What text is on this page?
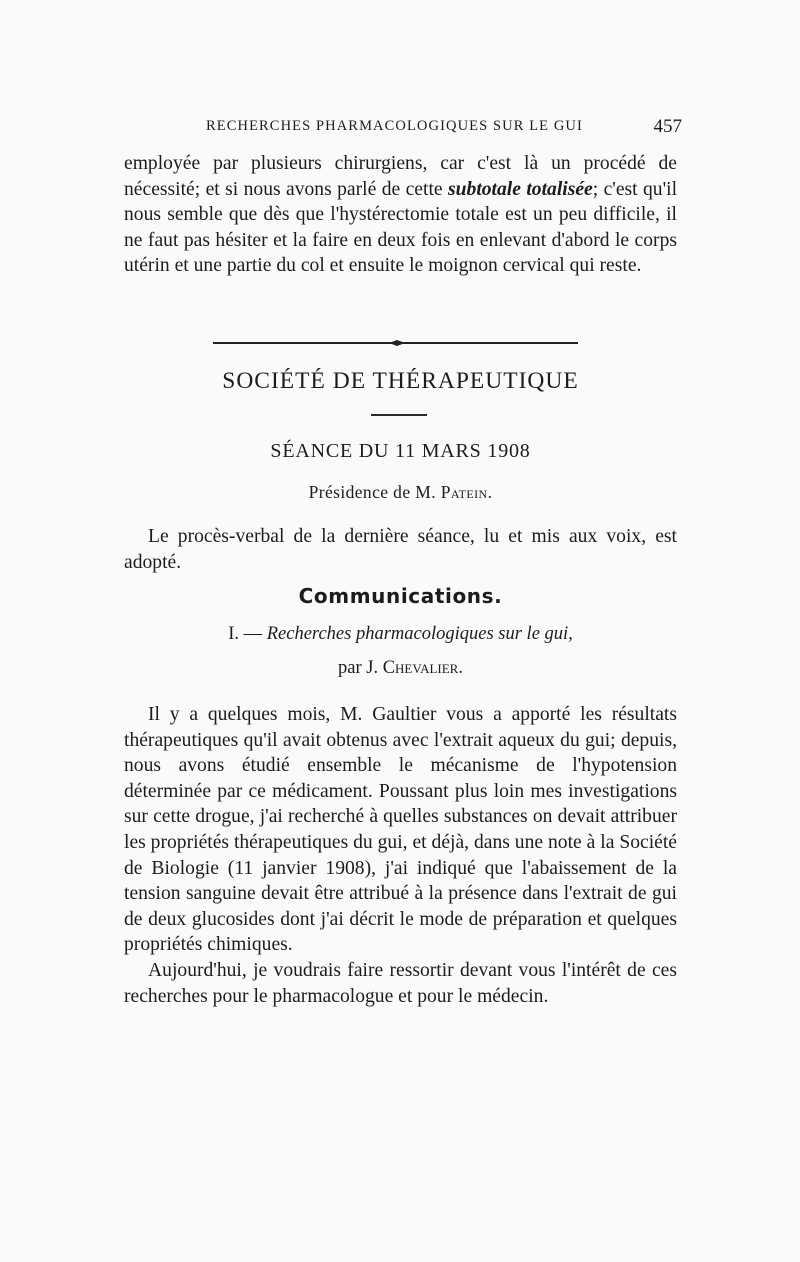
RECHERCHES PHARMACOLOGIQUES SUR LE GUI	457

employée par plusieurs chirurgiens, car c'est là un procédé de nécessité; et si nous avons parlé de cette subtotale totalisée; c'est qu'il nous semble que dès que l'hystérectomie totale est un peu difficile, il ne faut pas hésiter et la faire en deux fois en enlevant d'abord le corps utérin et une partie du col et ensuite le moignon cervical qui reste.

SOCIÉTÉ DE THÉRAPEUTIQUE
SÉANCE DU 11 MARS 1908
Présidence de M. Patein.

Le procès-verbal de la dernière séance, lu et mis aux voix, est adopté.

Communications.
I. — Recherches pharmacologiques sur le gui,
par J. Chevalier.

Il y a quelques mois, M. Gaultier vous a apporté les résultats thérapeutiques qu'il avait obtenus avec l'extrait aqueux du gui; depuis, nous avons étudié ensemble le mécanisme de l'hypotension déterminée par ce médicament. Poussant plus loin mes investigations sur cette drogue, j'ai recherché à quelles substances on devait attribuer les propriétés thérapeutiques du gui, et déjà, dans une note à la Société de Biologie (11 janvier 1908), j'ai indiqué que l'abaissement de la tension sanguine devait être attribué à la présence dans l'extrait de gui de deux glucosides dont j'ai décrit le mode de préparation et quelques propriétés chimiques.

Aujourd'hui, je voudrais faire ressortir devant vous l'intérêt de ces recherches pour le pharmacologue et pour le médecin.
